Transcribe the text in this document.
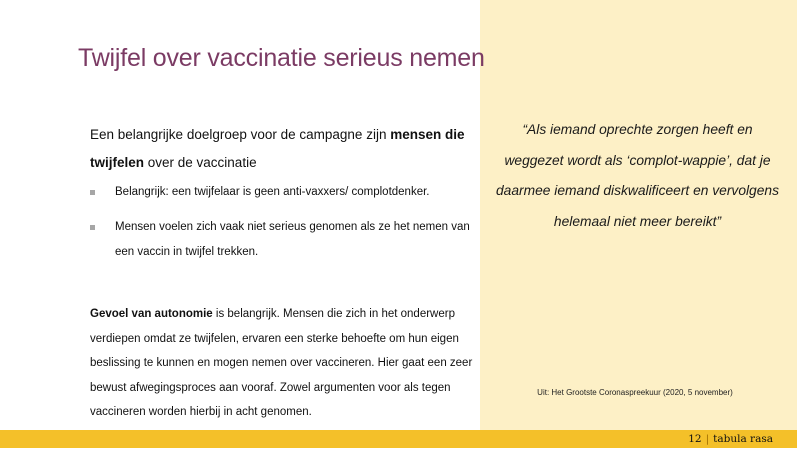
Twijfel over vaccinatie serieus nemen
Een belangrijke doelgroep voor de campagne zijn mensen die twijfelen over de vaccinatie
Belangrijk: een twijfelaar is geen anti-vaxxers/ complotdenker.
Mensen voelen zich vaak niet serieus genomen als ze het nemen van een vaccin in twijfel trekken.
Gevoel van autonomie is belangrijk. Mensen die zich in het onderwerp verdiepen omdat ze twijfelen, ervaren een sterke behoefte om hun eigen beslissing te kunnen en mogen nemen over vaccineren. Hier gaat een zeer bewust afwegingsproces aan vooraf. Zowel argumenten voor als tegen vaccineren worden hierbij in acht genomen.
“Als iemand oprechte zorgen heeft en weggezet wordt als ‘complot-wappie’, dat je daarmee iemand diskwalificeert en vervolgens helemaal niet meer bereikt”
Uit: Het Grootste Coronaspreekuur (2020, 5 november)
12 | tabula rasa
